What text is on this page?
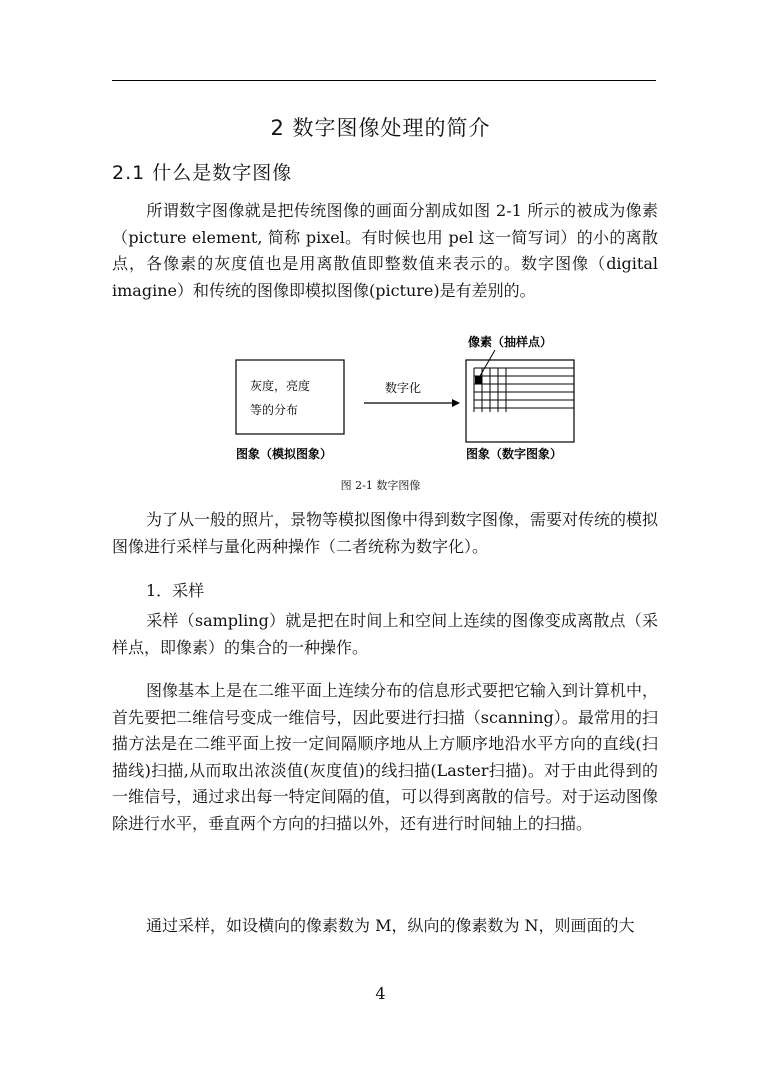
2 数字图像处理的简介
2.1 什么是数字图像

所谓数字图像就是把传统图像的画面分割成如图 2-1 所示的被成为像素（picture element, 简称 pixel。有时候也用 pel 这一简写词）的小的离散点，各像素的灰度值也是用离散值即整数值来表示的。数字图像（digital imagine）和传统的图像即模拟图像(picture)是有差别的。

灰度，亮度
等的分布
图象（模拟图象）
数字化
像素（抽样点）
图象（数字图象）
图 2-1 数字图像

为了从一般的照片，景物等模拟图像中得到数字图像，需要对传统的模拟图像进行采样与量化两种操作（二者统称为数字化）。

1．采样

采样（sampling）就是把在时间上和空间上连续的图像变成离散点（采样点，即像素）的集合的一种操作。

图像基本上是在二维平面上连续分布的信息形式要把它输入到计算机中，首先要把二维信号变成一维信号，因此要进行扫描（scanning）。最常用的扫描方法是在二维平面上按一定间隔顺序地从上方顺序地沿水平方向的直线(扫描线)扫描,从而取出浓淡值(灰度值)的线扫描(Laster扫描)。对于由此得到的一维信号，通过求出每一特定间隔的值，可以得到离散的信号。对于运动图像除进行水平，垂直两个方向的扫描以外，还有进行时间轴上的扫描。

通过采样，如设横向的像素数为 M，纵向的像素数为 N，则画面的大

4
